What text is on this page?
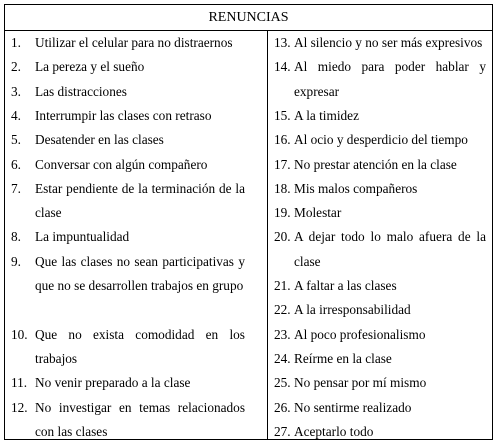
RENUNCIAS
1. Utilizar el celular para no distraernos
2. La pereza y el sueño
3. Las distracciones
4. Interrumpir las clases con retraso
5. Desatender en las clases
6. Conversar con algún compañero
7. Estar pendiente de la terminación de la clase
8. La impuntualidad
9. Que las clases no sean participativas y que no se desarrollen trabajos en grupo
10. Que no exista comodidad en los trabajos
11. No venir preparado a la clase
12. No investigar en temas relacionados con las clases
13. Al silencio y no ser más expresivos
14. Al miedo para poder hablar y expresar
15. A la timidez
16. Al ocio y desperdicio del tiempo
17. No prestar atención en la clase
18. Mis malos compañeros
19. Molestar
20. A dejar todo lo malo afuera de la clase
21. A faltar a las clases
22. A la irresponsabilidad
23. Al poco profesionalismo
24. Reírme en la clase
25. No pensar por mí mismo
26. No sentirme realizado
27. Aceptarlo todo
